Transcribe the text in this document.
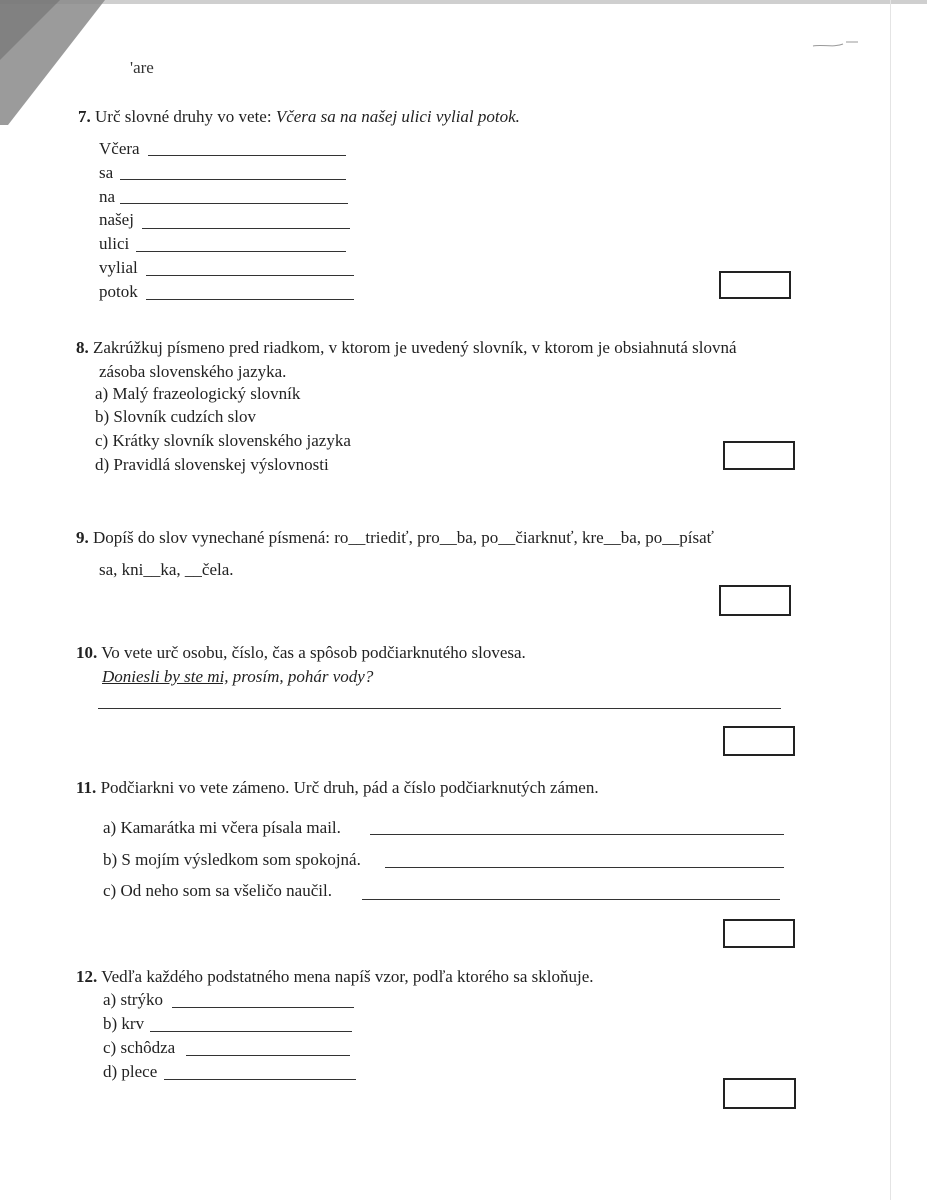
'are
7. Urč slovné druhy vo vete: Včera sa na našej ulici vylial potok.
Včera
sa
na
našej
ulici
vylial
potok
8. Zakrúžkuj písmeno pred riadkom, v ktorom je uvedený slovník, v ktorom je obsiahnutá slovná
zásoba slovenského jazyka.
a) Malý frazeologický slovník
b) Slovník cudzích slov
c) Krátky slovník slovenského jazyka
d) Pravidlá slovenskej výslovnosti
9. Dopíš do slov vynechané písmená: ro__triediť, pro__ba, po__čiarknuť, kre__ba, po__písať
sa, kni__ka, __čela.
10. Vo vete urč osobu, číslo, čas a spôsob podčiarknutého slovesa.
Doniesli by ste mi, prosím, pohár vody?
11. Podčiarkni vo vete zámeno. Urč druh, pád a číslo podčiarknutých zámen.
a) Kamarátka mi včera písala mail.
b) S mojím výsledkom som spokojná.
c) Od neho som sa všeličo naučil.
12. Vedľa každého podstatného mena napíš vzor, podľa ktorého sa skloňuje.
a) strýko
b) krv
c) schôdza
d) plece
